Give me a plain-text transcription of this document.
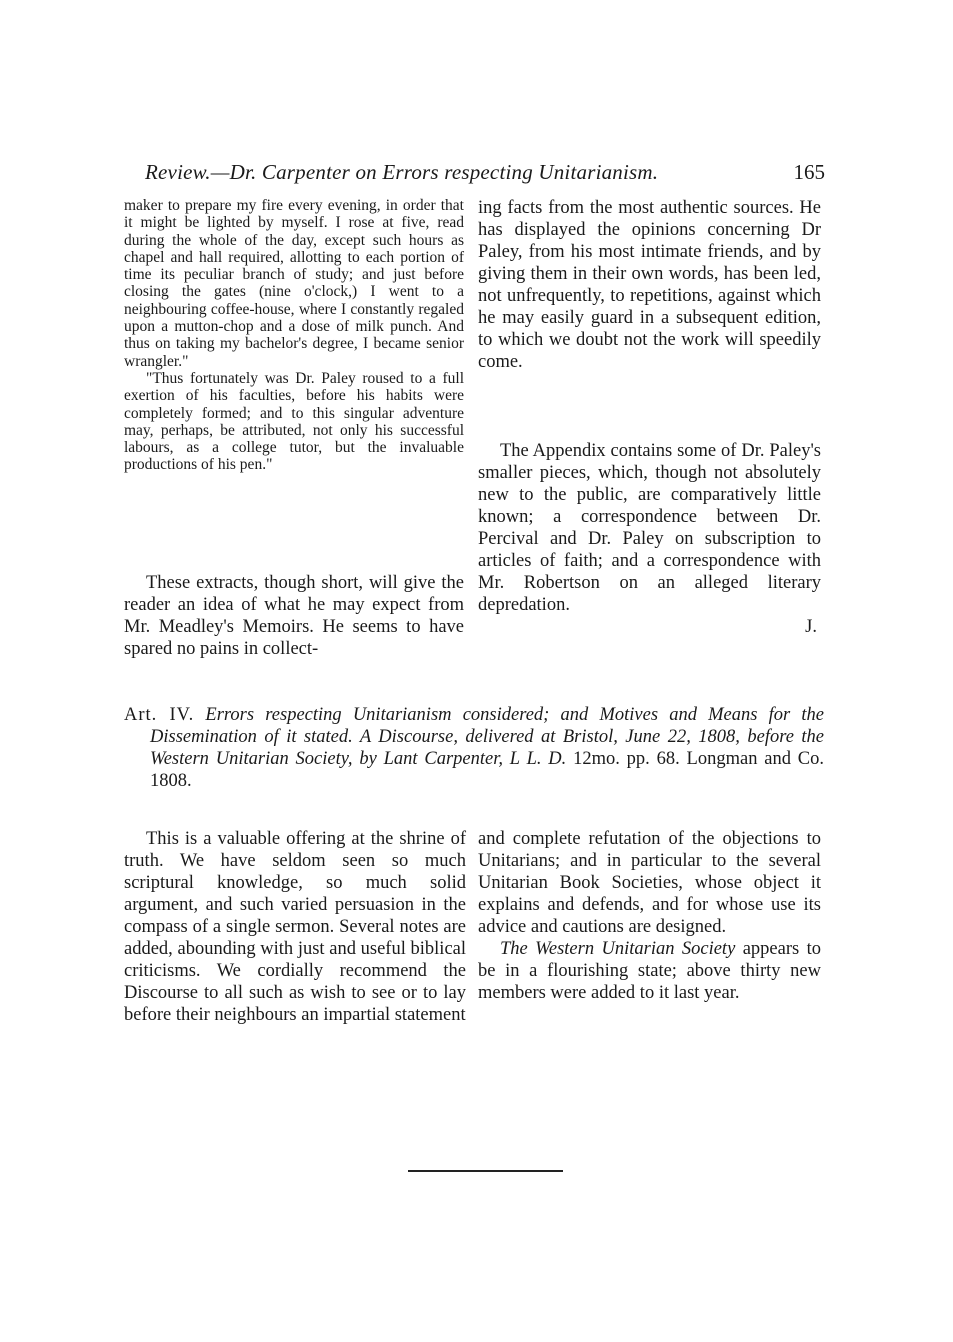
Review.—Dr. Carpenter on Errors respecting Unitarianism.	165

maker to prepare my fire every evening, in order that it might be lighted by myself. I rose at five, read during the whole of the day, except such hours as chapel and hall required, allotting to each portion of time its peculiar branch of study; and just before closing the gates (nine o'clock,) I went to a neighbouring coffee-house, where I constantly regaled upon a mutton-chop and a dose of milk punch. And thus on taking my bachelor's degree, I became senior wrangler."

"Thus fortunately was Dr. Paley roused to a full exertion of his faculties, before his habits were completely formed; and to this singular adventure may, perhaps, be attributed, not only his successful labours, as a college tutor, but the invaluable productions of his pen."

These extracts, though short, will give the reader an idea of what he may expect from Mr. Meadley's Memoirs. He seems to have spared no pains in collect-

ing facts from the most authentic sources. He has displayed the opinions concerning Dr Paley, from his most intimate friends, and by giving them in their own words, has been led, not unfrequently, to repetitions, against which he may easily guard in a subsequent edition, to which we doubt not the work will speedily come.

The Appendix contains some of Dr. Paley's smaller pieces, which, though not absolutely new to the public, are comparatively little known; a correspondence between Dr. Percival and Dr. Paley on subscription to articles of faith; and a correspondence with Mr. Robertson on an alleged literary depredation.

J.

Art. IV. Errors respecting Unitarianism considered; and Motives and Means for the Dissemination of it stated. A Discourse, delivered at Bristol, June 22, 1808, before the Western Unitarian Society, by Lant Carpenter, L L. D. 12mo. pp. 68. Longman and Co. 1808.

This is a valuable offering at the shrine of truth. We have seldom seen so much scriptural knowledge, so much solid argument, and such varied persuasion in the compass of a single sermon. Several notes are added, abounding with just and useful biblical criticisms. We cordially recommend the Discourse to all such as wish to see or to lay before their neighbours an impartial statement

and complete refutation of the objections to Unitarians; and in particular to the several Unitarian Book Societies, whose object it explains and defends, and for whose use its advice and cautions are designed.

The Western Unitarian Society appears to be in a flourishing state; above thirty new members were added to it last year.
